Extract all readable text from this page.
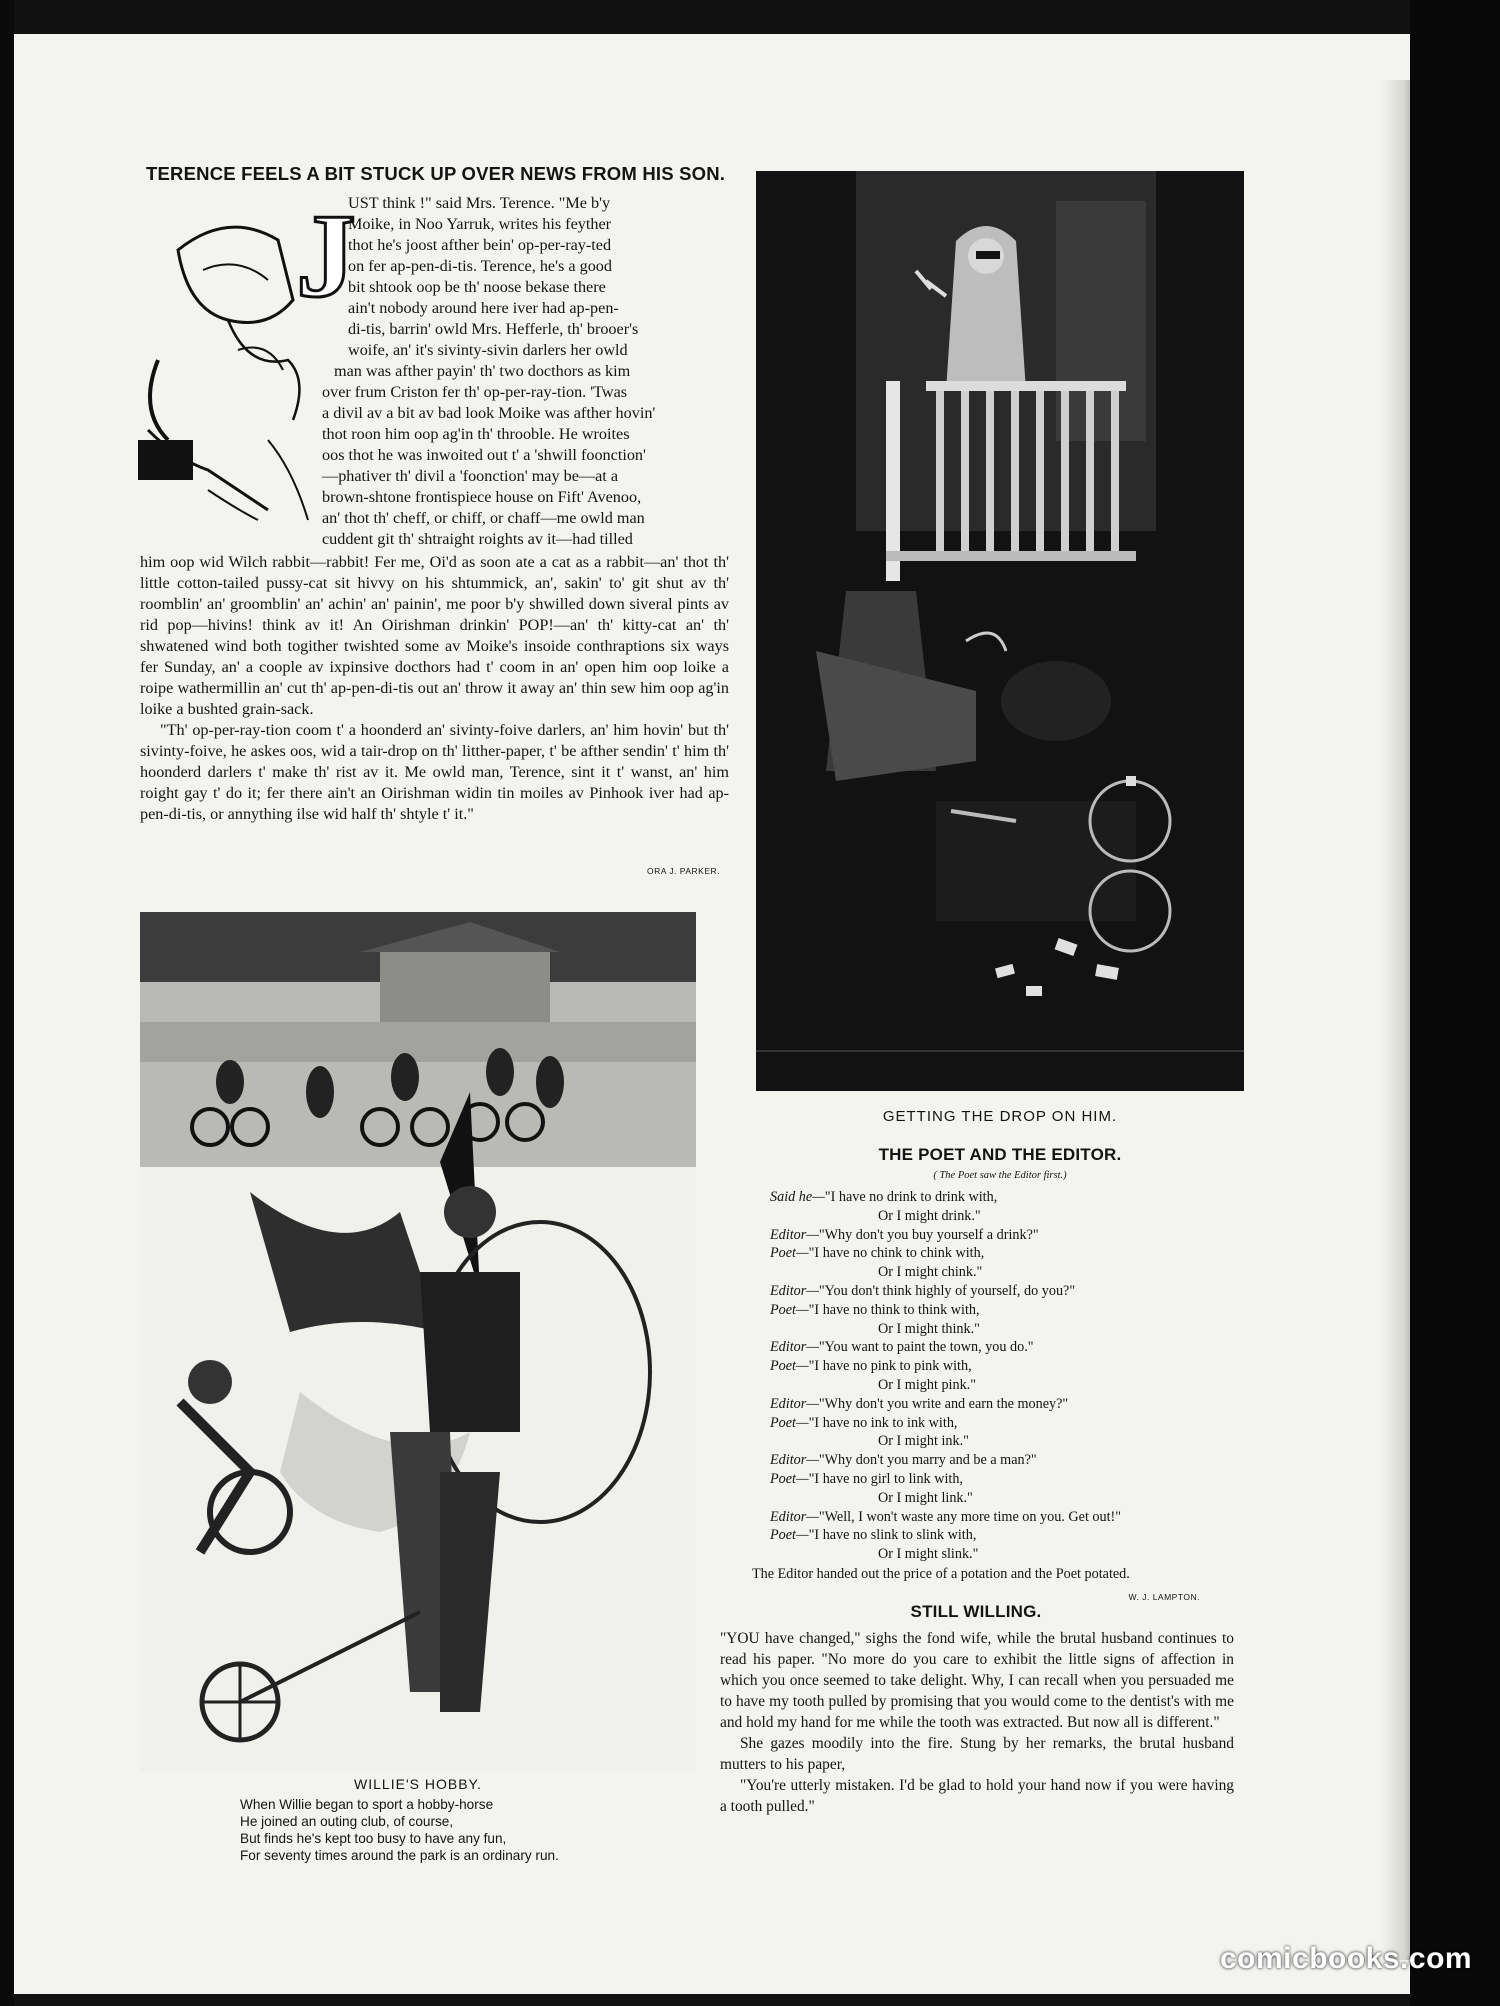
TERENCE FEELS A BIT STUCK UP OVER NEWS FROM HIS SON.
J
UST think !" said Mrs. Terence. "Me b'y
Moike, in Noo Yarruk, writes his feyther
thot he's joost afther bein' op-per-ray-ted
on fer ap-pen-di-tis. Terence, he's a good
bit shtook oop be th' noose bekase there
ain't nobody around here iver had ap-pen-
di-tis, barrin' owld Mrs. Hefferle, th' brooer's
woife, an' it's sivinty-sivin darlers her owld
man was afther payin' th' two docthors as kim
over frum Criston fer th' op-per-ray-tion. 'Twas
a divil av a bit av bad look Moike was afther hovin'
thot roon him oop ag'in th' throoble. He wroites
oos thot he was inwoited out t' a 'shwill foonction'
—phativer th' divil a 'foonction' may be—at a
brown-shtone frontispiece house on Fift' Avenoo,
an' thot th' cheff, or chiff, or chaff—me owld man
cuddent git th' shtraight roights av it—had tilled

him oop wid Wilch rabbit—rabbit! Fer me, Oi'd as soon ate a cat as a rabbit—an' thot th' little cotton-tailed pussy-cat sit hivvy on his shtummick, an', sakin' to' git shut av th' roomblin' an' groomblin' an' achin' an' painin', me poor b'y shwilled down siveral pints av rid pop—hivins! think av it! An Oirishman drinkin' POP!—an' th' kitty-cat an' th' shwatened wind both togither twishted some av Moike's insoide conthraptions six ways fer Sunday, an' a coople av ixpinsive docthors had t' coom in an' open him oop loike a roipe wathermillin an' cut th' ap-pen-di-tis out an' throw it away an' thin sew him oop ag'in loike a bushted grain-sack.

"Th' op-per-ray-tion coom t' a hoonderd an' sivinty-foive darlers, an' him hovin' but th' sivinty-foive, he askes oos, wid a tair-drop on th' litther-paper, t' be afther sendin' t' him th' hoonderd darlers t' make th' rist av it. Me owld man, Terence, sint it t' wanst, an' him roight gay t' do it; fer there ain't an Oirishman widin tin moiles av Pinhook iver had ap-pen-di-tis, or annything ilse wid half th' shtyle t' it."

ORA J. PARKER.
GETTING THE DROP ON HIM.
THE POET AND THE EDITOR.
( The Poet saw the Editor first.)
Said he—"I have no drink to drink with,
Or I might drink."
Editor—"Why don't you buy yourself a drink?"
Poet—"I have no chink to chink with,
Or I might chink."
Editor—"You don't think highly of yourself, do you?"
Poet—"I have no think to think with,
Or I might think."
Editor—"You want to paint the town, you do."
Poet—"I have no pink to pink with,
Or I might pink."
Editor—"Why don't you write and earn the money?"
Poet—"I have no ink to ink with,
Or I might ink."
Editor—"Why don't you marry and be a man?"
Poet—"I have no girl to link with,
Or I might link."
Editor—"Well, I won't waste any more time on you. Get out!"
Poet—"I have no slink to slink with,
Or I might slink."
The Editor handed out the price of a potation and the Poet potated.
W. J. LAMPTON.
STILL WILLING.

"YOU have changed," sighs the fond wife, while the brutal husband continues to read his paper. "No more do you care to exhibit the little signs of affection in which you once seemed to take delight. Why, I can recall when you persuaded me to have my tooth pulled by promising that you would come to the dentist's with me and hold my hand for me while the tooth was extracted. But now all is different."

She gazes moodily into the fire. Stung by her remarks, the brutal husband mutters to his paper,

"You're utterly mistaken. I'd be glad to hold your hand now if you were having a tooth pulled."

WILLIE'S HOBBY.
When Willie began to sport a hobby-horse
He joined an outing club, of course,
But finds he's kept too busy to have any fun,
For seventy times around the park is an ordinary run.
comicbooks.com
